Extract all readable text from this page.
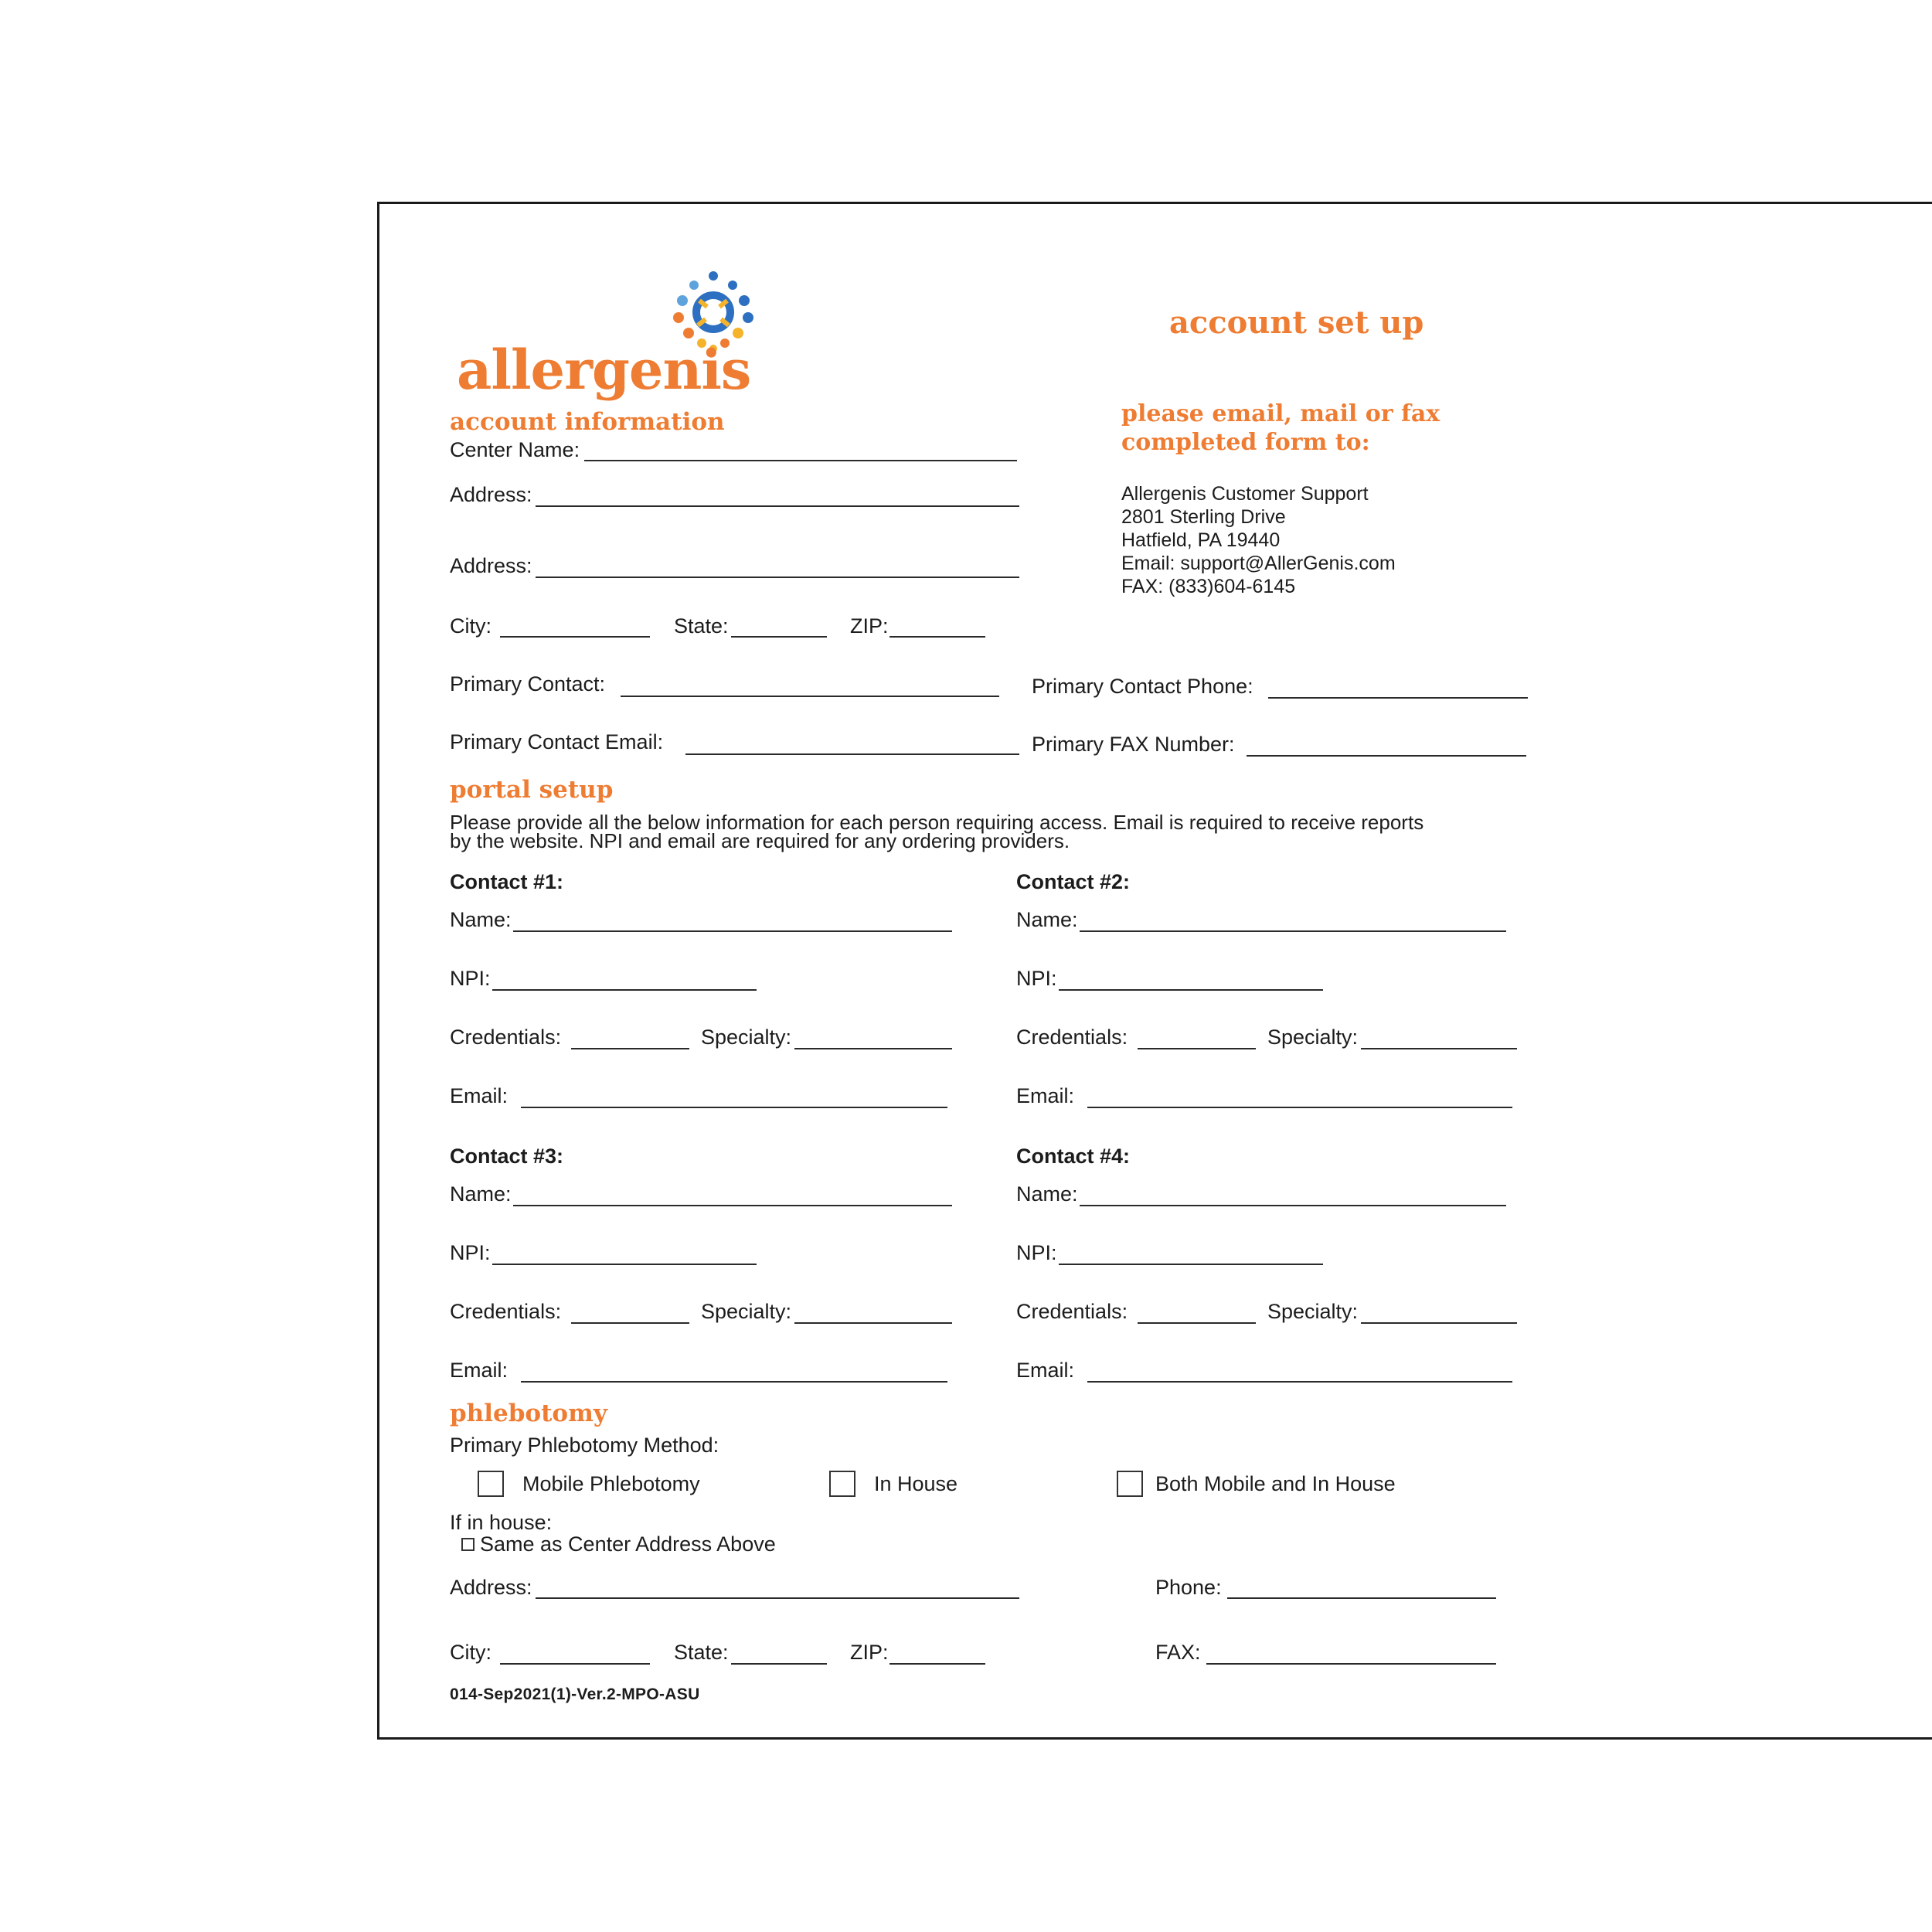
allergenis
account set up
please email, mail or fax
completed form to:
Allergenis Customer Support
2801 Sterling Drive
Hatfield, PA 19440
Email: support@AllerGenis.com
FAX: (833)604-6145
account information
Center Name:
Address:
Address:
City:	State:	ZIP:
Primary Contact:	Primary Contact Phone:
Primary Contact Email:	Primary FAX Number:
portal setup
Please provide all the below information for each person requiring access. Email is required to receive reports
by the website. NPI and email are required for any ordering providers.
Contact #1:
Name:
NPI:
Credentials:	Specialty:
Email:
Contact #2:
Name:
NPI:
Credentials:	Specialty:
Email:
Contact #3:
Name:
NPI:
Credentials:	Specialty:
Email:
Contact #4:
Name:
NPI:
Credentials:	Specialty:
Email:
phlebotomy
Primary Phlebotomy Method:
Mobile Phlebotomy	In House	Both Mobile and In House
If in house:
Same as Center Address Above
Address:	Phone:
City:	State:	ZIP:	FAX:
014-Sep2021(1)-Ver.2-MPO-ASU
